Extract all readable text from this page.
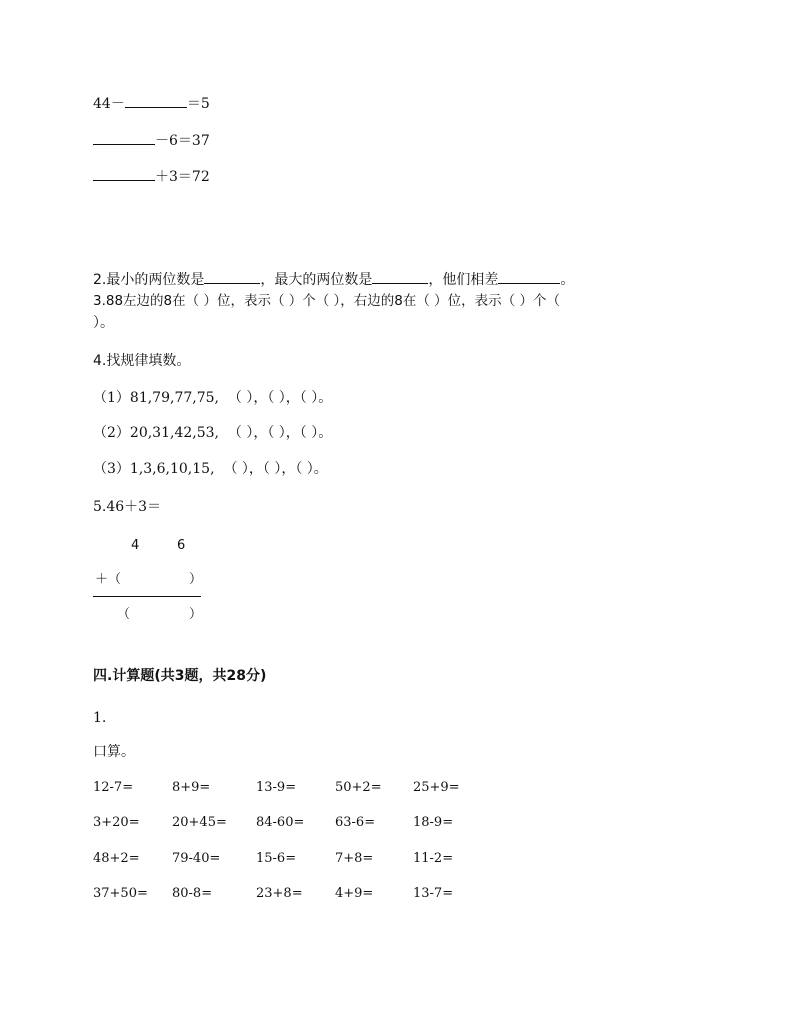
44－	＝5
－6＝37
＋3＝72
2.最小的两位数是	，最大的两位数是	，他们相差	。
3.88左边的8在（ ）位，表示（ ）个（ ），右边的8在（ ）位，表示（ ）个（
）。
4.找规律填数。
（1）81,79,77,75, （ ），（ ），（ ）。
（2）20,31,42,53, （ ），（ ），（ ）。
（3）1,3,6,10,15, （ ），（ ），（ ）。
5.46＋3＝
4	6
＋（	）
（	）
四.计算题(共3题，共28分)
1.
口算。
12-7=	8+9=	13-9=	50+2= 25+9=
3+20= 20+45= 84-60= 63-6=	18-9=
48+2= 79-40=	15-6=	7+8=	11-2=
37+50= 80-8=	23+8= 4+9=	13-7=
